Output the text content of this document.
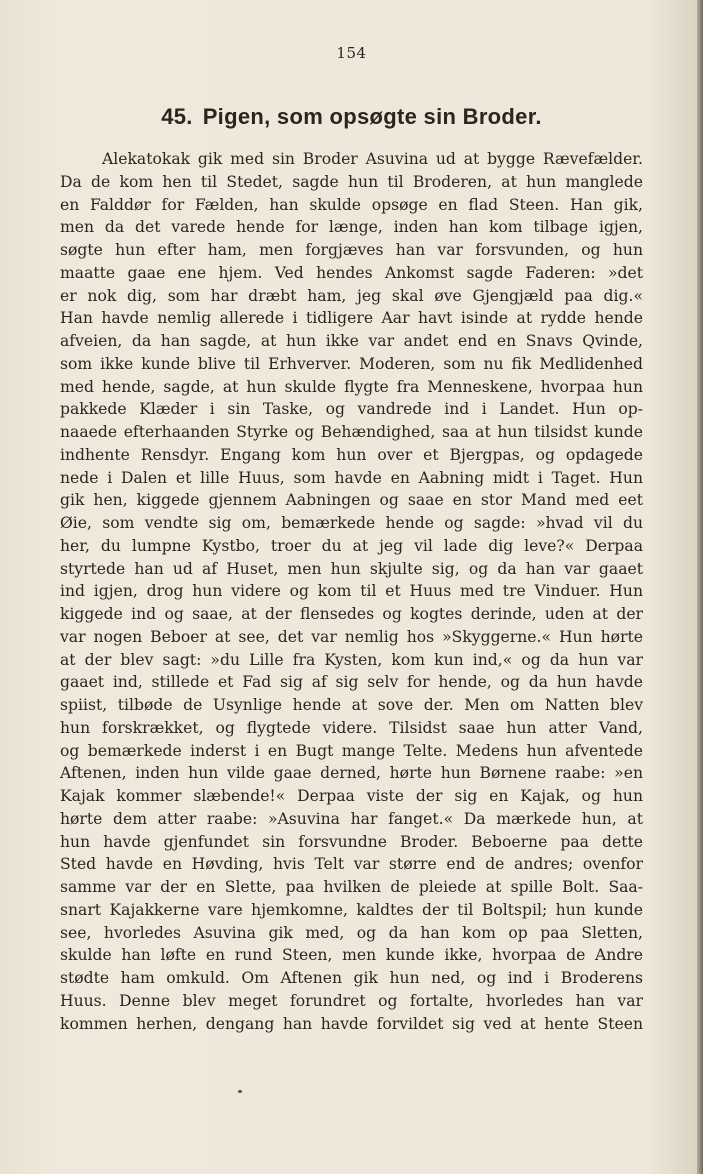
154
45. Pigen, som opsøgte sin Broder.
Alekatokak gik med sin Broder Asuvina ud at bygge Rævefælder.
Da de kom hen til Stedet, sagde hun til Broderen, at hun manglede
en Falddør for Fælden, han skulde opsøge en flad Steen. Han gik,
men da det varede hende for længe, inden han kom tilbage igjen,
søgte hun efter ham, men forgjæves han var forsvunden, og hun
maatte gaae ene hjem. Ved hendes Ankomst sagde Faderen: »det
er nok dig, som har dræbt ham, jeg skal øve Gjengjæld paa dig.«
Han havde nemlig allerede i tidligere Aar havt isinde at rydde hende
afveien, da han sagde, at hun ikke var andet end en Snavs Qvinde,
som ikke kunde blive til Erhverver. Moderen, som nu fik Medlidenhed
med hende, sagde, at hun skulde flygte fra Menneskene, hvorpaa hun
pakkede Klæder i sin Taske, og vandrede ind i Landet. Hun op-
naaede efterhaanden Styrke og Behændighed, saa at hun tilsidst kunde
indhente Rensdyr. Engang kom hun over et Bjergpas, og opdagede
nede i Dalen et lille Huus, som havde en Aabning midt i Taget. Hun
gik hen, kiggede gjennem Aabningen og saae en stor Mand med eet
Øie, som vendte sig om, bemærkede hende og sagde: »hvad vil du
her, du lumpne Kystbo, troer du at jeg vil lade dig leve?« Derpaa
styrtede han ud af Huset, men hun skjulte sig, og da han var gaaet
ind igjen, drog hun videre og kom til et Huus med tre Vinduer. Hun
kiggede ind og saae, at der flensedes og kogtes derinde, uden at der
var nogen Beboer at see, det var nemlig hos »Skyggerne.« Hun hørte
at der blev sagt: »du Lille fra Kysten, kom kun ind,« og da hun var
gaaet ind, stillede et Fad sig af sig selv for hende, og da hun havde
spiist, tilbøde de Usynlige hende at sove der. Men om Natten blev
hun forskrækket, og flygtede videre. Tilsidst saae hun atter Vand,
og bemærkede inderst i en Bugt mange Telte. Medens hun afventede
Aftenen, inden hun vilde gaae derned, hørte hun Børnene raabe: »en
Kajak kommer slæbende!« Derpaa viste der sig en Kajak, og hun
hørte dem atter raabe: »Asuvina har fanget.« Da mærkede hun, at
hun havde gjenfundet sin forsvundne Broder. Beboerne paa dette
Sted havde en Høvding, hvis Telt var større end de andres; ovenfor
samme var der en Slette, paa hvilken de pleiede at spille Bolt. Saa-
snart Kajakkerne vare hjemkomne, kaldtes der til Boltspil; hun kunde
see, hvorledes Asuvina gik med, og da han kom op paa Sletten,
skulde han løfte en rund Steen, men kunde ikke, hvorpaa de Andre
stødte ham omkuld. Om Aftenen gik hun ned, og ind i Broderens
Huus. Denne blev meget forundret og fortalte, hvorledes han var
kommen herhen, dengang han havde forvildet sig ved at hente Steen
